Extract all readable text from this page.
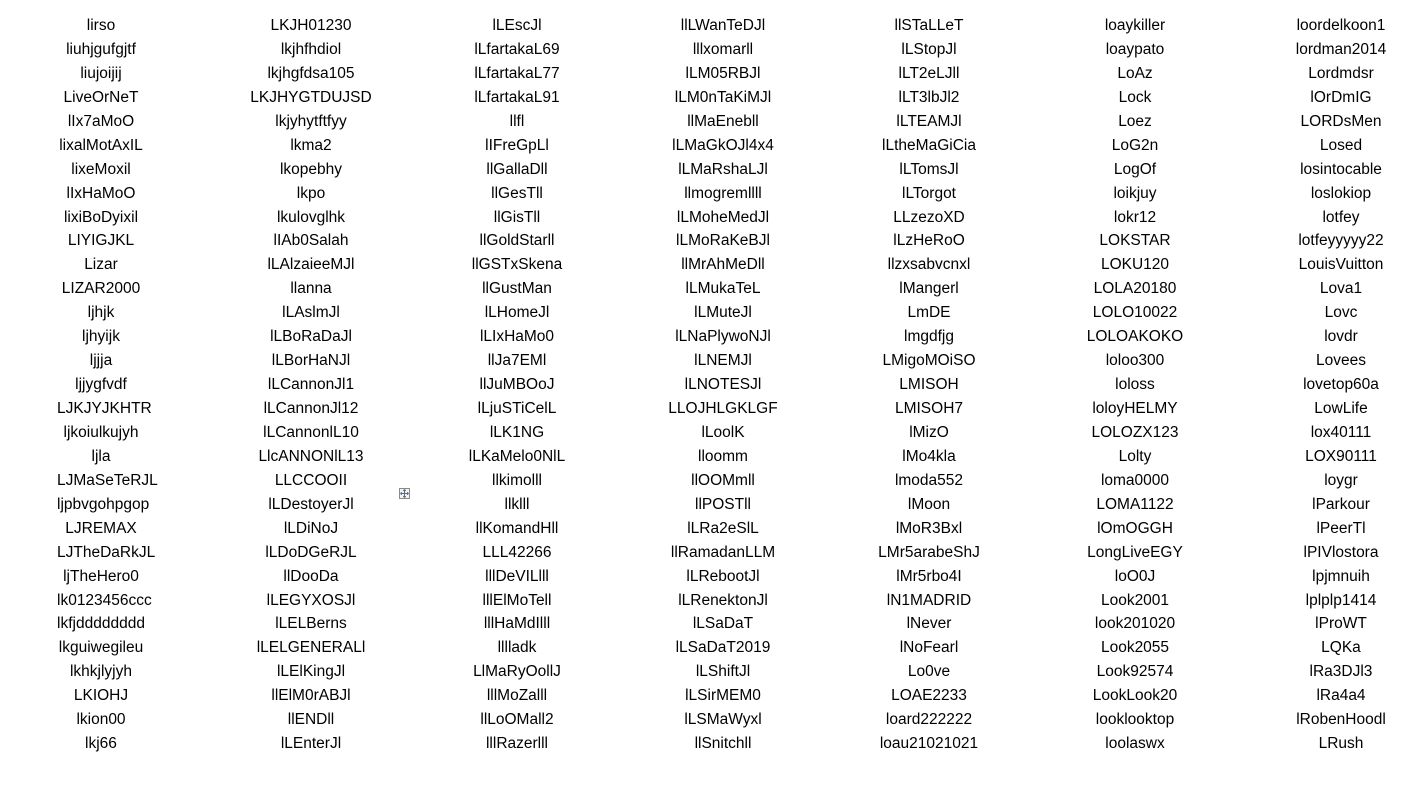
lirso	LKJH01230	lLEscJl	llLWanTeDJl	llSTaLLeT	loaykiller	loordelkoon1
liuhjgufgjtf	lkjhfhdiol	lLfartakaL69	lllxomarll	lLStopJl	loaypato	lordman2014
liujoijij	lkjhgfdsa105	lLfartakaL77	lLM05RBJl	lLT2eLJll	LoAz	Lordmdsr
LiveOrNeT	LKJHYGTDUJSD	lLfartakaL91	lLM0nTaKiMJl	lLT3lbJl2	Lock	lOrDmIG
lIx7aMoO	lkjyhytftfyy	llfl	llMaEnebll	lLTEAMJl	Loez	LORDsMen
lixalMotAxIL	lkma2	lIFreGpLl	lLMaGkOJl4x4	lLtheMaGiCia	LoG2n	Losed
lixeMoxil	lkopebhy	llGallaDll	lLMaRshaLJl	lLTomsJl	LogOf	losintocable
lIxHaMoO	lkpo	llGesTll	llmogremllll	lLTorgot	loikjuy	loslokiop
lixiBoDyixil	lkulovglhk	llGisTll	lLMoheMedJl	LLzezoXD	lokr12	lotfey
LIYIGJKL	lIAb0Salah	llGoldStarll	lLMoRaKeBJl	lLzHeRoO	LOKSTAR	lotfeyyyyy22
Lizar	lLAlzaieeMJl	llGSTxSkena	llMrAhMeDll	llzxsabvcnxl	LOKU120	LouisVuitton
LIZAR2000	llanna	llGustMan	lLMukaTeL	lMangerl	LOLA20180	Lova1
ljhjk	lLAslmJl	lLHomeJl	lLMuteJl	LmDE	LOLO10022	Lovc
ljhyijk	lLBoRaDaJl	lLIxHaMo0	lLNaPlywoNJl	lmgdfjg	LOLOAKOKO	lovdr
ljjja	lLBorHaNJl	llJa7EMl	lLNEMJl	LMigoMOiSO	loloo300	Lovees
ljjygfvdf	lLCannonJl1	llJuMBOoJ	lLNOTESJl	LMISOH	loloss	lovetop60a
LJKJYJKHTR	lLCannonJl12	lLjuSTiCelL	LLOJHLGKLGF	LMISOH7	loloyHELMY	LowLife
ljkoiulkujyh	lLCannonlL10	lLK1NG	lLoolK	lMizO	LOLOZX123	lox40111
ljla	LlcANNONlL13	lLKaMelo0NlL	lloomm	lMo4kla	Lolty	LOX90111
LJMaSeTeRJL	LLCCOOII	llkimolll	llOOMmll	lmoda552	loma0000	loygr
ljpbvgohpgop	lLDestoyerJl	llklll	llPOSTll	lMoon	LOMA1122	lParkour
LJREMAX	lLDiNoJ	llKomandHll	lLRa2eSlL	lMoR3Bxl	lOmOGGH	lPeerTl
LJTheDaRkJL	lLDoDGeRJL	LLL42266	llRamadanLLM	LMr5arabeShJ	LongLiveEGY	lPIVlostora
ljTheHero0	llDooDa	lllDeVILlll	lLRebootJl	lMr5rbo4I	loO0J	lpjmnuih
lk0123456ccc	lLEGYXOSJl	lllElMoTell	lLRenektonJl	lN1MADRID	Look2001	lplplp1414
lkfjdddddddd	lLELBerns	lllHaMdIlll	lLSaDaT	lNever	look201020	lProWT
lkguiwegileu	lLELGENERALl	lllladk	lLSaDaT2019	lNoFearl	Look2055	LQKa
lkhkjlyjyh	lLElKingJl	LlMaRyOollJ	lLShiftJl	Lo0ve	Look92574	lRa3DJl3
LKIOHJ	llElM0rABJl	lllMoZalll	lLSirMEM0	LOAE2233	LookLook20	lRa4a4
lkion00	llENDll	llLoOMall2	lLSMaWyxl	loard222222	looklooktop	lRobenHoodl
lkj66	lLEnterJl	lllRazerlll	llSnitchll	loau21021021	loolaswx	LRush
